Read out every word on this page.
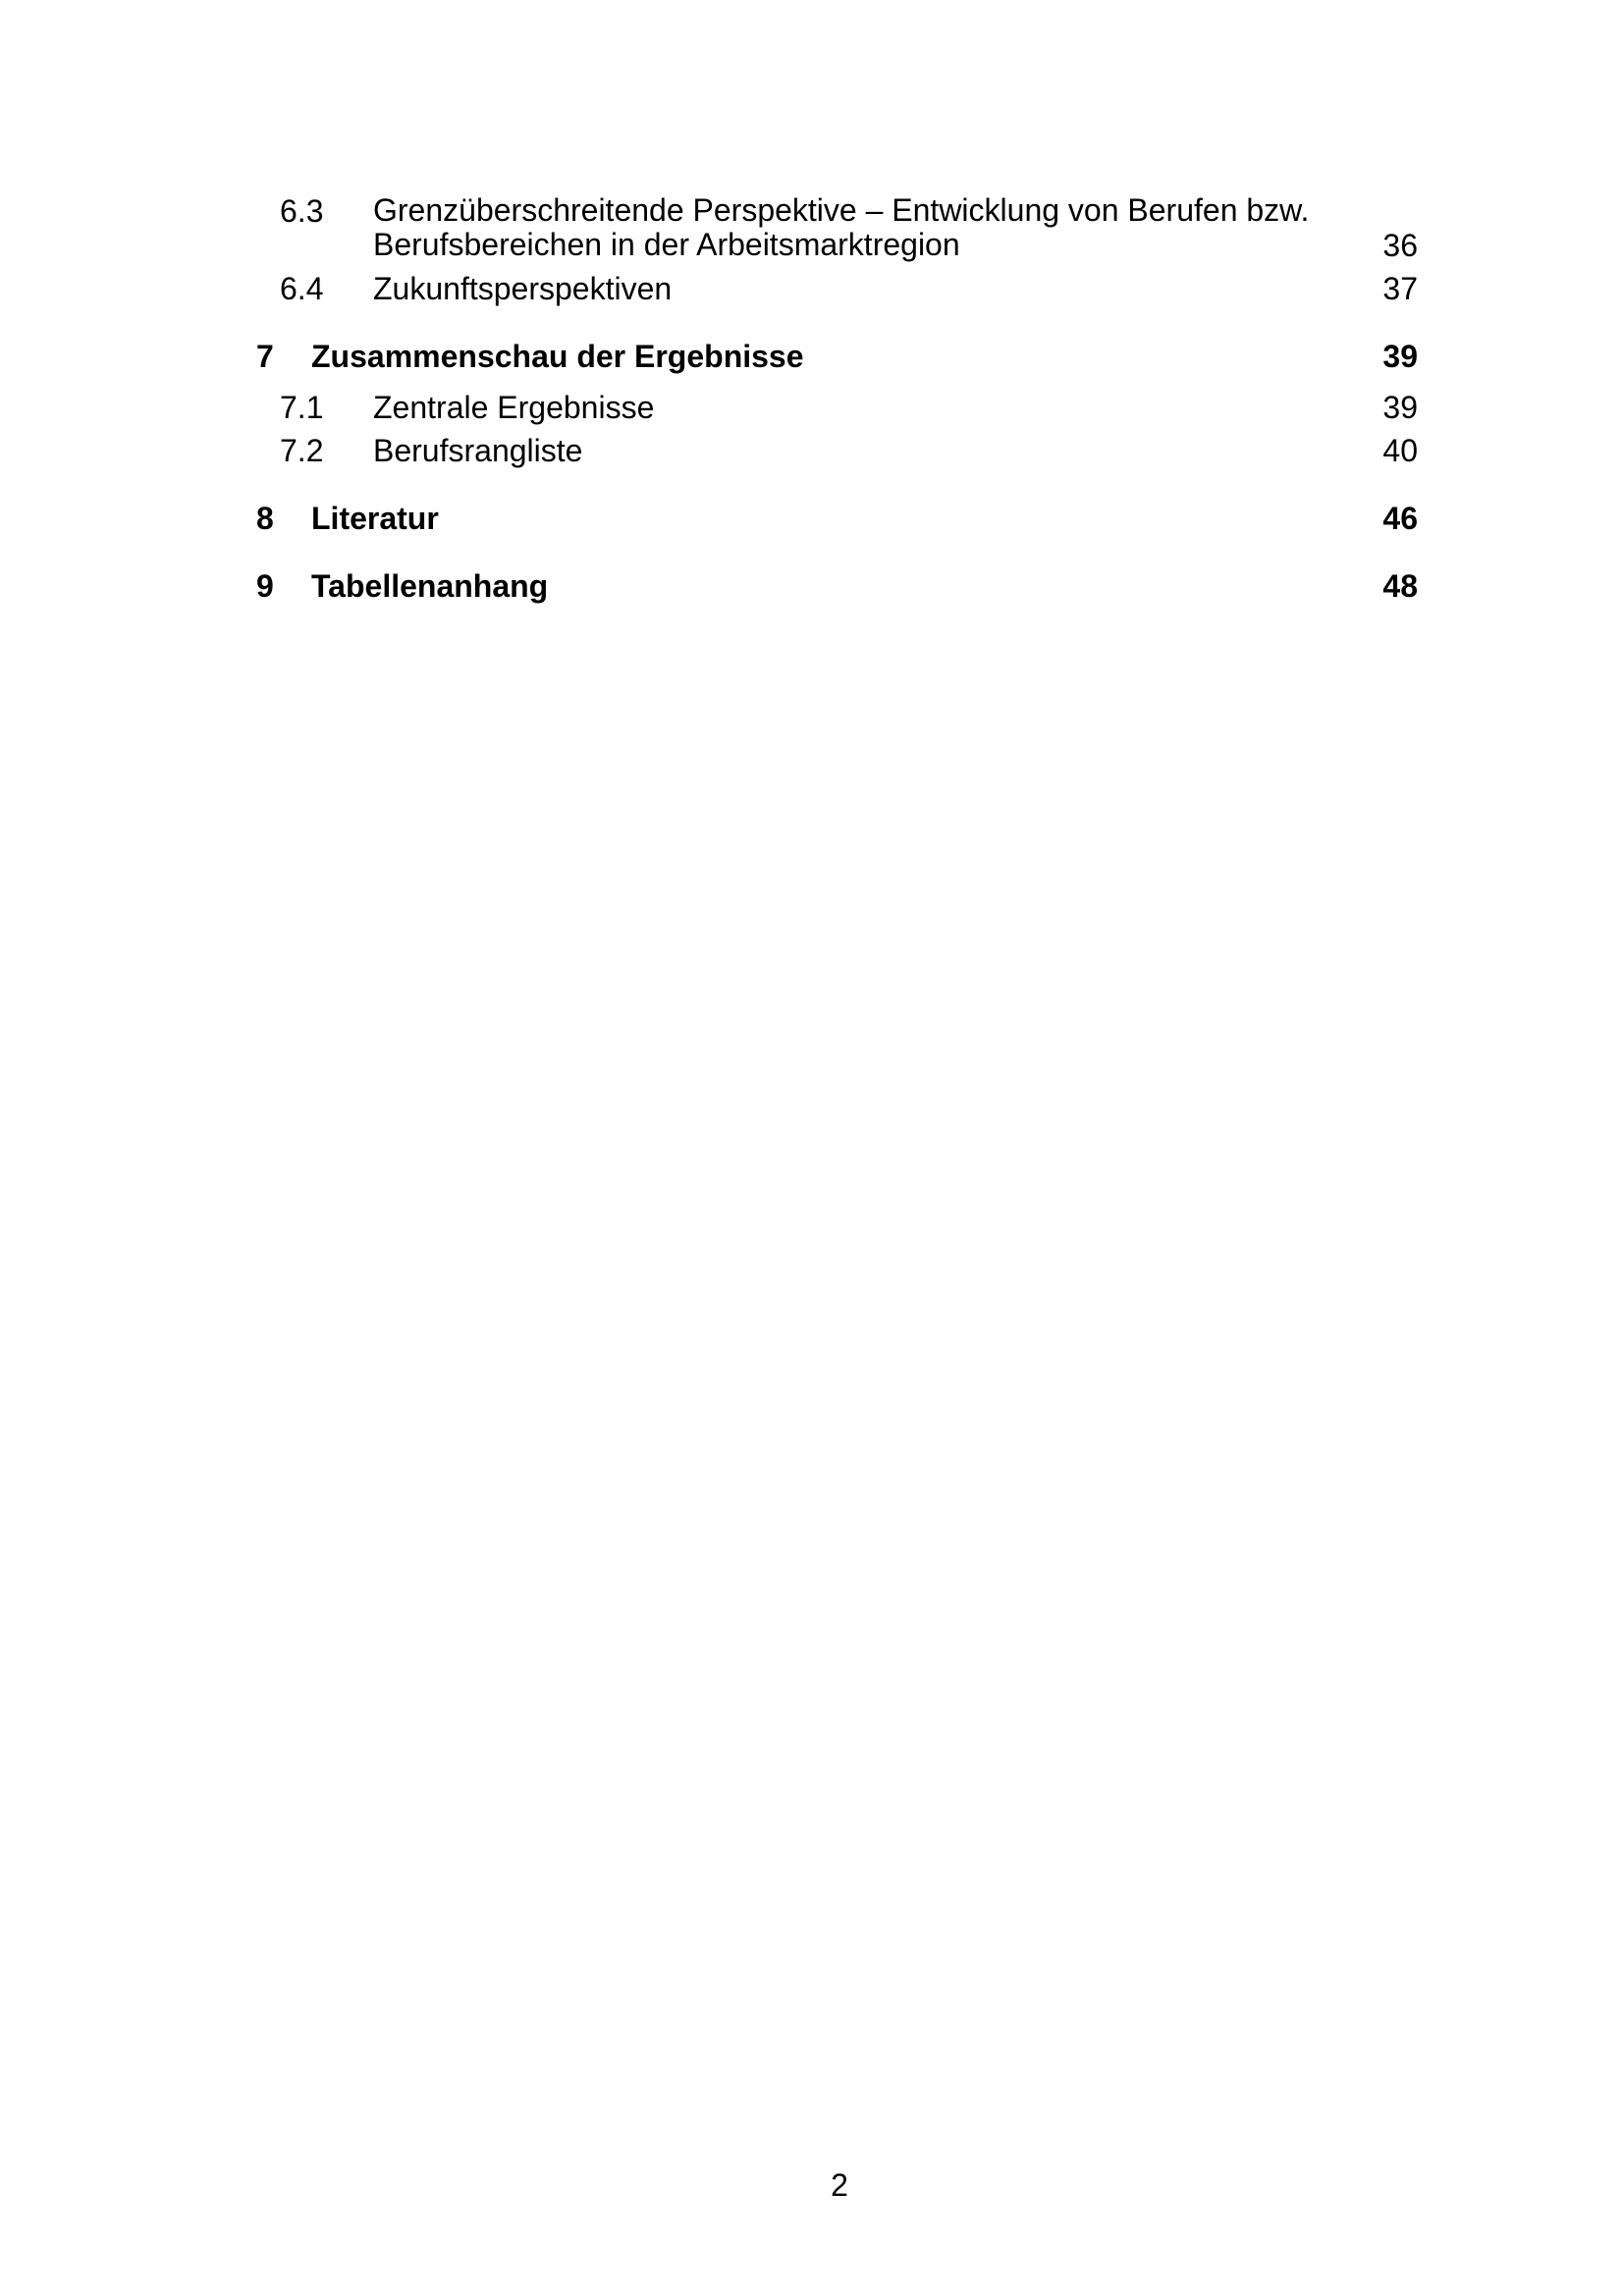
6.3 Grenzüberschreitende Perspektive – Entwicklung von Berufen bzw.
Berufsbereichen in der Arbeitsmarktregion	36
6.4 Zukunftsperspektiven	37
7 Zusammenschau der Ergebnisse	39
7.1 Zentrale Ergebnisse	39
7.2 Berufsrangliste	40
8 Literatur	46
9 Tabellenanhang	48
2
